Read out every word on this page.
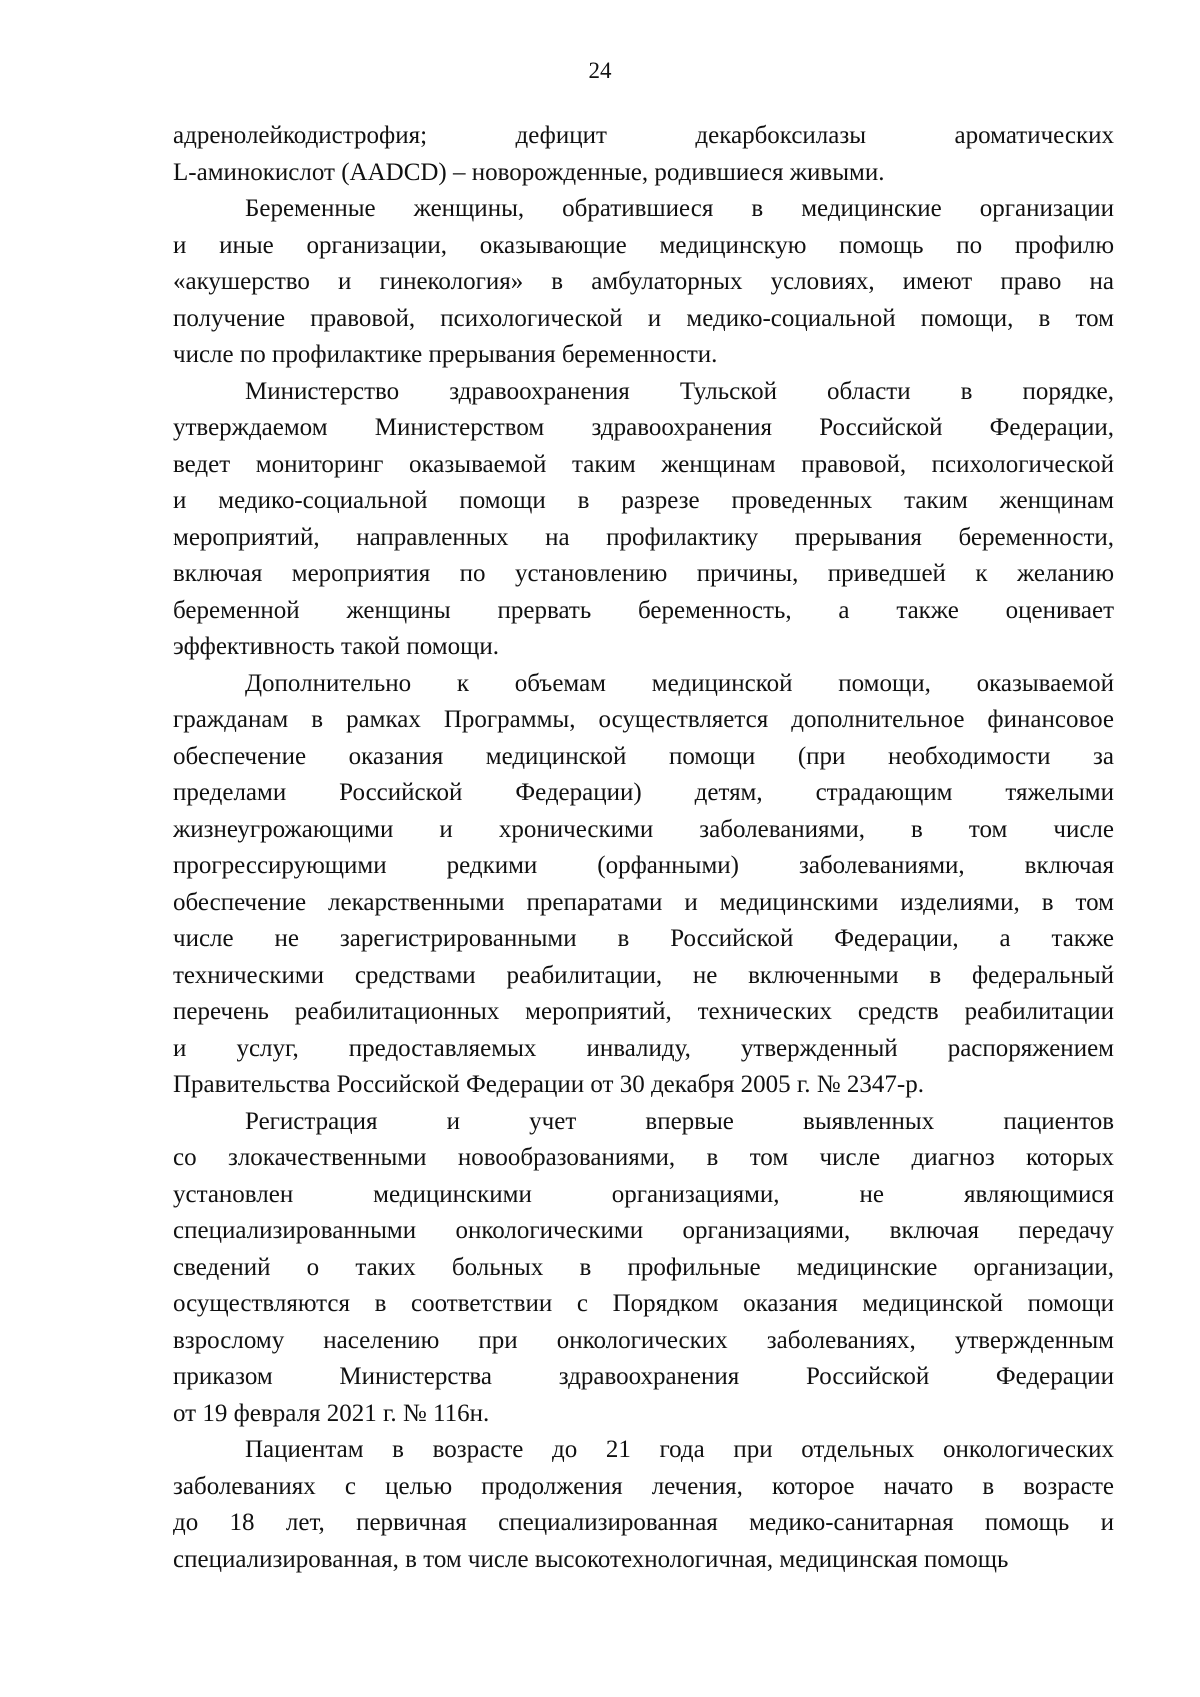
24
адренолейкодистрофия; дефицит декарбоксилазы ароматических
L-аминокислот (AADCD) – новорожденные, родившиеся живыми.
Беременные женщины, обратившиеся в медицинские организации
и иные организации, оказывающие медицинскую помощь по профилю
«акушерство и гинекология» в амбулаторных условиях, имеют право на
получение правовой, психологической и медико-социальной помощи, в том
числе по профилактике прерывания беременности.
Министерство здравоохранения Тульской области в порядке,
утверждаемом Министерством здравоохранения Российской Федерации,
ведет мониторинг оказываемой таким женщинам правовой, психологической
и медико-социальной помощи в разрезе проведенных таким женщинам
мероприятий, направленных на профилактику прерывания беременности,
включая мероприятия по установлению причины, приведшей к желанию
беременной женщины прервать беременность, а также оценивает
эффективность такой помощи.
Дополнительно к объемам медицинской помощи, оказываемой
гражданам в рамках Программы, осуществляется дополнительное финансовое
обеспечение оказания медицинской помощи (при необходимости за
пределами Российской Федерации) детям, страдающим тяжелыми
жизнеугрожающими и хроническими заболеваниями, в том числе
прогрессирующими редкими (орфанными) заболеваниями, включая
обеспечение лекарственными препаратами и медицинскими изделиями, в том
числе не зарегистрированными в Российской Федерации, а также
техническими средствами реабилитации, не включенными в федеральный
перечень реабилитационных мероприятий, технических средств реабилитации
и услуг, предоставляемых инвалиду, утвержденный распоряжением
Правительства Российской Федерации от 30 декабря 2005 г. № 2347-р.
Регистрация и учет впервые выявленных пациентов
со злокачественными новообразованиями, в том числе диагноз которых
установлен медицинскими организациями, не являющимися
специализированными онкологическими организациями, включая передачу
сведений о таких больных в профильные медицинские организации,
осуществляются в соответствии с Порядком оказания медицинской помощи
взрослому населению при онкологических заболеваниях, утвержденным
приказом Министерства здравоохранения Российской Федерации
от 19 февраля 2021 г. № 116н.
Пациентам в возрасте до 21 года при отдельных онкологических
заболеваниях с целью продолжения лечения, которое начато в возрасте
до 18 лет, первичная специализированная медико-санитарная помощь и
специализированная, в том числе высокотехнологичная, медицинская помощь
